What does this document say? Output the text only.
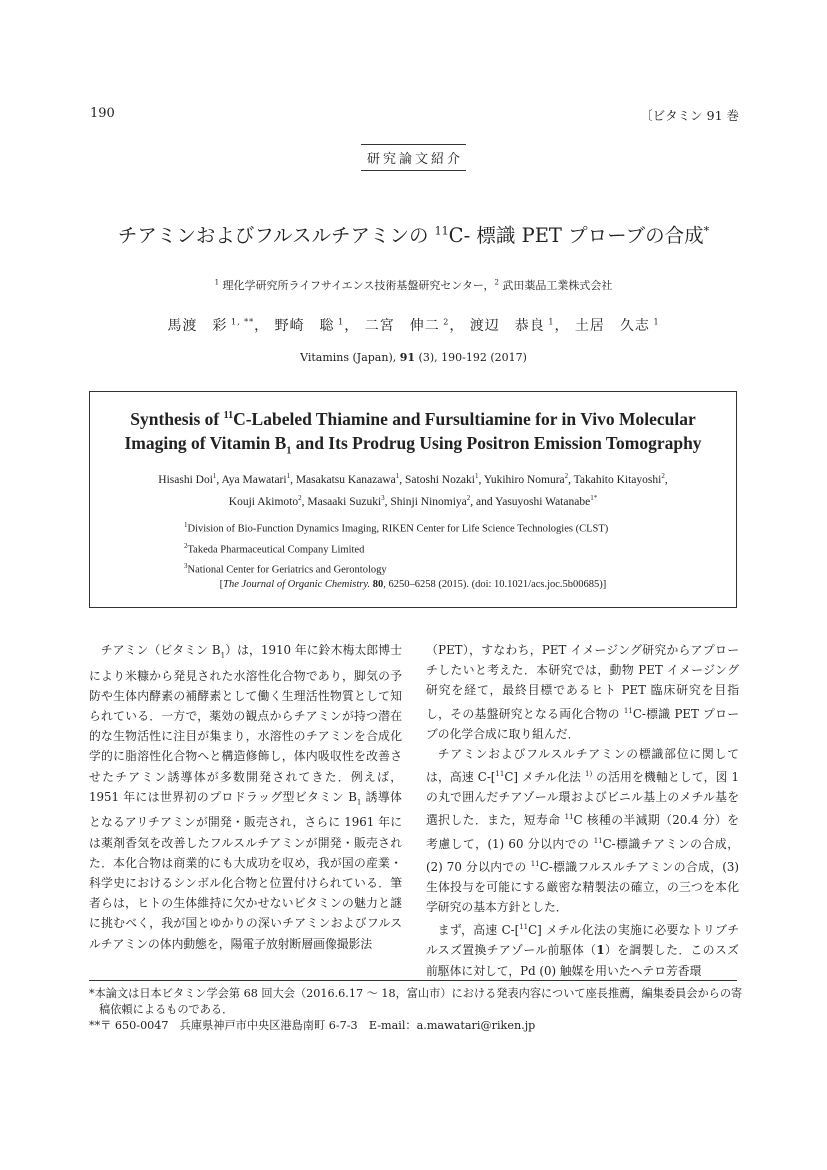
190	〔ビタミン 91 巻
研究論文紹介
チアミンおよびフルスルチアミンの $^{11}$C- 標識 PET プローブの合成*
$^1$ 理化学研究所ライフサイエンス技術基盤研究センター，$^2$ 武田薬品工業株式会社
馬渡　彩 $^{1, **}$， 野崎　聡 $^1$， 二宮　伸二 $^2$， 渡辺　恭良 $^1$， 土居　久志 $^1$
Vitamins (Japan), 91 (3), 190-192 (2017)
Synthesis of $^{11}$C-Labeled Thiamine and Fursultiamine for in Vivo Molecular
Imaging of Vitamin $B_1$ and Its Prodrug Using Positron Emission Tomography
Hisashi Doi$^1$, Aya Mawatari$^1$, Masakatsu Kanazawa$^1$, Satoshi Nozaki$^1$, Yukihiro Nomura$^2$, Takahito Kitayoshi$^2$,
Kouji Akimoto$^2$, Masaaki Suzuki$^3$, Shinji Ninomiya$^2$, and Yasuyoshi Watanabe$^{1*}$
$^1$Division of Bio-Function Dynamics Imaging, RIKEN Center for Life Science Technologies (CLST)
$^2$Takeda Pharmaceutical Company Limited
$^3$National Center for Geriatrics and Gerontology
[The Journal of Organic Chemistry. 80, 6250–6258 (2015). (doi: 10.1021/acs.joc.5b00685)]

チアミン（ビタミン $B_1$）は，1910 年に鈴木梅太郎博士により米糠から発見された水溶性化合物であり，脚気の予防や生体内酵素の補酵素として働く生理活性物質として知られている．一方で，薬効の観点からチアミンが持つ潜在的な生物活性に注目が集まり，水溶性のチアミンを合成化学的に脂溶性化合物へと構造修飾し，体内吸収性を改善させたチアミン誘導体が多数開発されてきた．例えば，1951 年には世界初のプロドラッグ型ビタミン $B_1$ 誘導体となるアリチアミンが開発・販売され，さらに 1961 年には薬剤香気を改善したフルスルチアミンが開発・販売された．本化合物は商業的にも大成功を収め，我が国の産業・科学史におけるシンボル化合物と位置付けられている．筆者らは，ヒトの生体維持に欠かせないビタミンの魅力と謎に挑むべく，我が国とゆかりの深いチアミンおよびフルスルチアミンの体内動態を，陽電子放射断層画像撮影法

（PET），すなわち，PET イメージング研究からアプローチしたいと考えた．本研究では，動物 PET イメージング研究を経て，最終目標であるヒト PET 臨床研究を目指し，その基盤研究となる両化合物の $^{11}$C-標識 PET プローブの化学合成に取り組んだ．

チアミンおよびフルスルチアミンの標識部位に関しては，高速 C-[$^{11}$C] メチル化法 $^{1)}$ の活用を機軸として，図 1 の丸で囲んだチアゾール環およびビニル基上のメチル基を選択した．また，短寿命 $^{11}$C 核種の半減期（20.4 分）を考慮して，(1) 60 分以内での $^{11}$C-標識チアミンの合成，(2) 70 分以内での $^{11}$C-標識フルスルチアミンの合成，(3) 生体投与を可能にする厳密な精製法の確立，の三つを本化学研究の基本方針とした．

まず，高速 C-[$^{11}$C] メチル化法の実施に必要なトリブチルスズ置換チアゾール前駆体（1）を調製した．このスズ前駆体に対して，Pd (0) 触媒を用いたヘテロ芳香環

*本論文は日本ビタミン学会第 68 回大会（2016.6.17 ～ 18，富山市）における発表内容について座長推薦，編集委員会からの寄稿依頼によるものである．
**〒 650-0047　兵庫県神戸市中央区港島南町 6-7-3　E-mail：a.mawatari@riken.jp
